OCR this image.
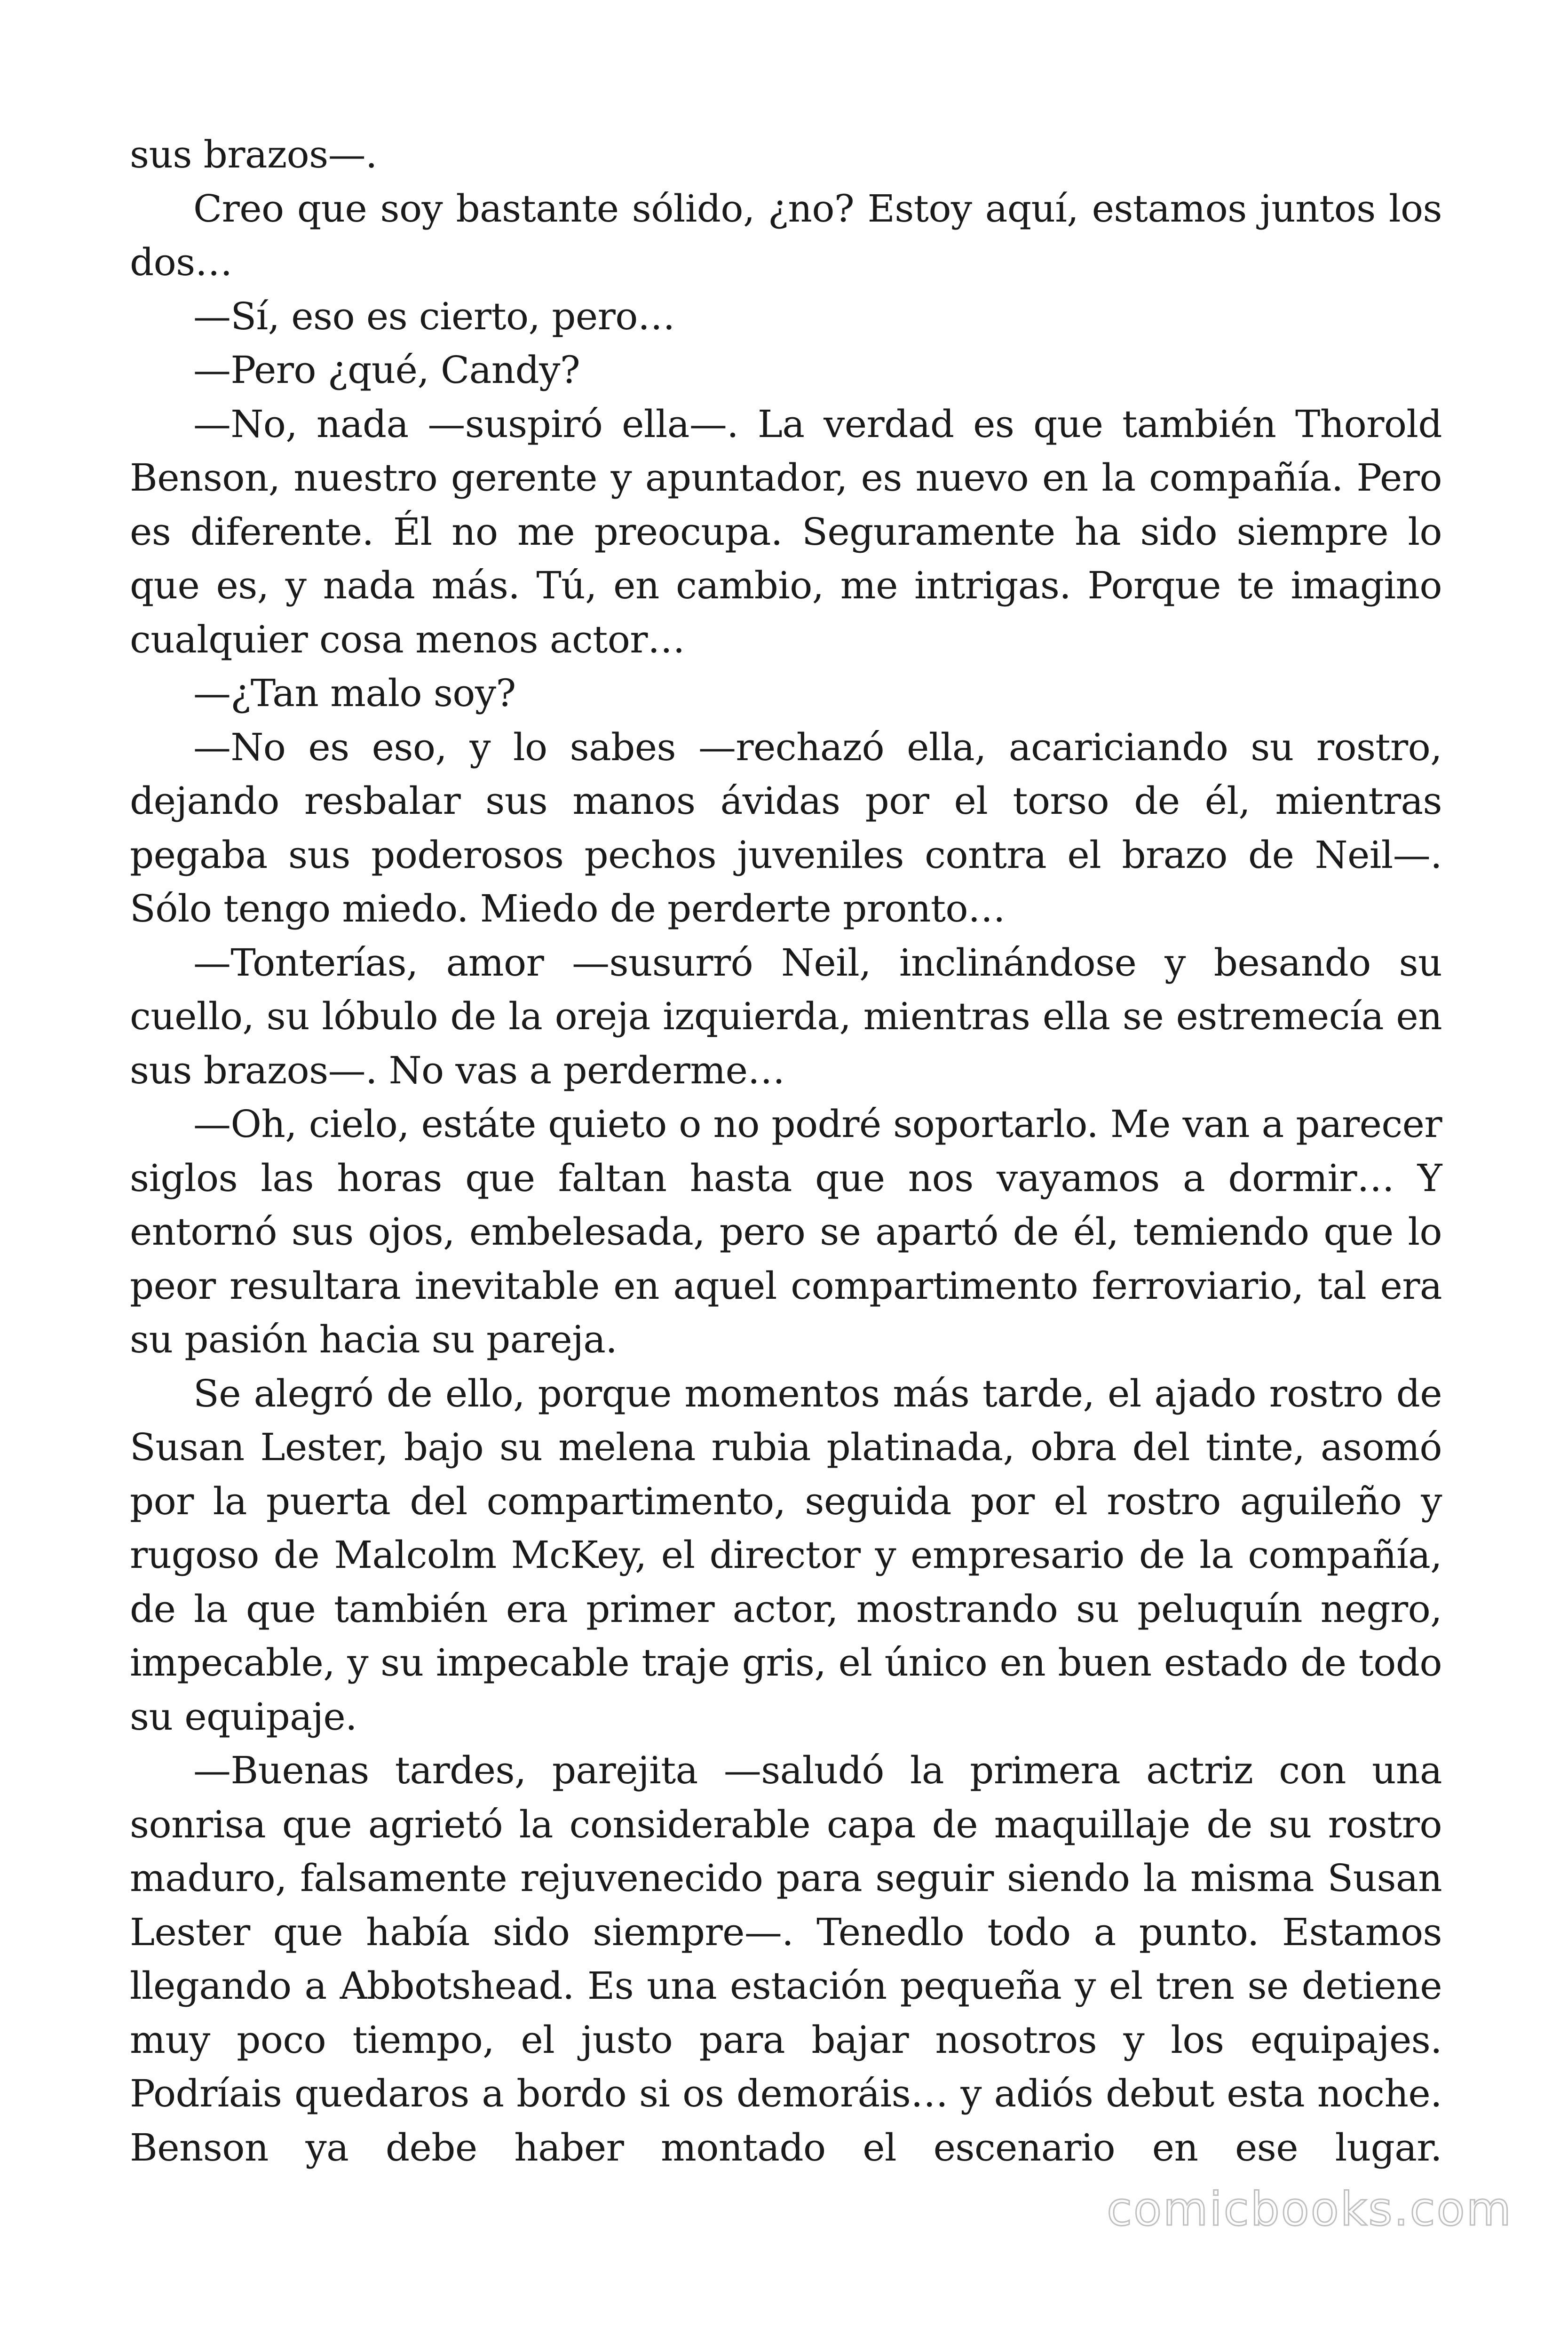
sus brazos—.

Creo que soy bastante sólido, ¿no? Estoy aquí, estamos juntos los dos…

—Sí, eso es cierto, pero…

—Pero ¿qué, Candy?

—No, nada —suspiró ella—. La verdad es que también Thorold Benson, nuestro gerente y apuntador, es nuevo en la compañía. Pero es diferente. Él no me preocupa. Seguramente ha sido siempre lo que es, y nada más. Tú, en cambio, me intrigas. Porque te imagino cualquier cosa menos actor…

—¿Tan malo soy?

—No es eso, y lo sabes —rechazó ella, acariciando su rostro, dejando resbalar sus manos ávidas por el torso de él, mientras pegaba sus poderosos pechos juveniles contra el brazo de Neil—. Sólo tengo miedo. Miedo de perderte pronto…

—Tonterías, amor —susurró Neil, inclinándose y besando su cuello, su lóbulo de la oreja izquierda, mientras ella se estremecía en sus brazos—. No vas a perderme…

—Oh, cielo, estáte quieto o no podré soportarlo. Me van a parecer siglos las horas que faltan hasta que nos vayamos a dormir… Y entornó sus ojos, embelesada, pero se apartó de él, temiendo que lo peor resultara inevitable en aquel compartimento ferroviario, tal era su pasión hacia su pareja.

Se alegró de ello, porque momentos más tarde, el ajado rostro de Susan Lester, bajo su melena rubia platinada, obra del tinte, asomó por la puerta del compartimento, seguida por el rostro aguileño y rugoso de Malcolm McKey, el director y empresario de la compañía, de la que también era primer actor, mostrando su peluquín negro, impecable, y su impecable traje gris, el único en buen estado de todo su equipaje.

—Buenas tardes, parejita —saludó la primera actriz con una sonrisa que agrietó la considerable capa de maquillaje de su rostro maduro, falsamente rejuvenecido para seguir siendo la misma Susan Lester que había sido siempre—. Tenedlo todo a punto. Estamos llegando a Abbotshead. Es una estación pequeña y el tren se detiene muy poco tiempo, el justo para bajar nosotros y los equipajes. Podríais quedaros a bordo si os demoráis… y adiós debut esta noche. Benson ya debe haber montado el escenario en ese lugar.

comicbooks.com
